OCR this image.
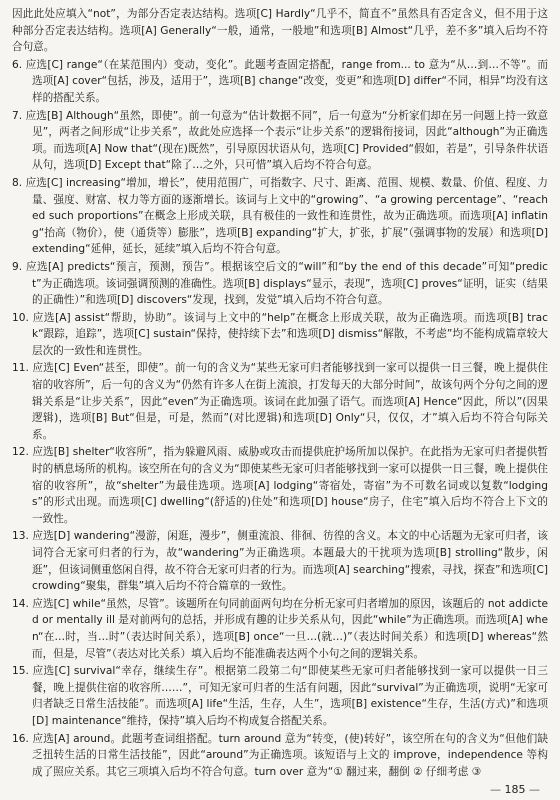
因此此处应填入“not”，为部分否定表达结构。选项[C] Hardly“几乎不，简直不”虽然具有否定含义，但不用于这种部分否定表达结构。选项[A] Generally“一般，通常，一般地”和选项[B] Almost“几乎，差不多”填入后均不符合句意。

6. 应选[C] range“（在某范围内）变动，变化”。此题考查固定搭配，range from... to 意为“从…到…不等”。而选项[A] cover“包括，涉及，适用于”，选项[B] change“改变，变更”和选项[D] differ“不同，相异”均没有这样的搭配关系。

7. 应选[B] Although“虽然，即使”。前一句意为“估计数据不同”，后一句意为“分析家们却在另一问题上持一致意见”，两者之间形成“让步关系”，故此处应选择一个表示“让步关系”的逻辑衔接词，因此“although”为正确选项。而选项[A] Now that“(现在)既然”，引导原因状语从句，选项[C] Provided“假如，若是”，引导条件状语从句，选项[D] Except that“除了…之外，只可惜”填入后均不符合句意。

8. 应选[C] increasing“增加，增长”，使用范围广，可指数字、尺寸、距离、范围、规模、数量、价值、程度、力量、强度、财富、权力等方面的逐渐增长。该词与上文中的“growing”、“a growing percentage”、“reached such proportions”在概念上形成关联，具有极佳的一致性和连贯性，故为正确选项。而选项[A] inflating“抬高（物价），使（通货等）膨胀”，选项[B] expanding“扩大，扩张，扩展”（强调事物的发展）和选项[D] extending“延伸，延长，延续”填入后均不符合句意。

9. 应选[A] predicts“预言，预测，预告”。根据该空后文的“will”和“by the end of this decade”可知“predict”为正确选项。该词强调预测的准确性。选项[B] displays“显示，表现”，选项[C] proves“证明，证实（结果的正确性）”和选项[D] discovers“发现，找到，发觉”填入后均不符合句意。

10. 应选[A] assist“帮助，协助”。该词与上文中的“help”在概念上形成关联，故为正确选项。而选项[B] track“跟踪，追踪”，选项[C] sustain“保持，使持续下去”和选项[D] dismiss“解散，不考虑”均不能构成篇章较大层次的一致性和连贯性。

11. 应选[C] Even“甚至，即使”。前一句的含义为“某些无家可归者能够找到一家可以提供一日三餐，晚上提供住宿的收容所”，后一句的含义为“仍然有许多人在街上流浪，打发每天的大部分时间”，故该句两个分句之间的逻辑关系是“让步关系”，因此“even”为正确选项。该词在此加强了语气。而选项[A] Hence“因此，所以”(因果逻辑)，选项[B] But“但是，可是，然而”(对比逻辑)和选项[D] Only“只，仅仅，才”填入后均不符合句际关系。

12. 应选[B] shelter“收容所”，指为躲避风雨、威胁或攻击而提供庇护场所加以保护。在此指为无家可归者提供暂时的栖息场所的机构。该空所在句的含义为“即使某些无家可归者能够找到一家可以提供一日三餐，晚上提供住宿的收容所”，故“shelter”为最佳选项。选项[A] lodging“寄宿处，寄宿”为不可数名词或以复数“lodgings”的形式出现。而选项[C] dwelling“(舒适的)住处”和选项[D] house“房子，住宅”填入后均不符合上下文的一致性。

13. 应选[D] wandering“漫游，闲逛，漫步”，侧重流浪、徘徊、彷徨的含义。本文的中心话题为无家可归者，该词符合无家可归者的行为，故“wandering”为正确选项。本题最大的干扰项为选项[B] strolling“散步，闲逛”，但该词侧重悠闲自得，故不符合无家可归者的行为。而选项[A] searching“搜索，寻找，探查”和选项[C] crowding“聚集，群集”填入后均不符合篇章的一致性。

14. 应选[C] while“虽然，尽管”。该题所在句同前面两句均在分析无家可归者增加的原因，该题后的 not addicted or mentally ill 是对前两句的总括，并形成有趣的让步关系从句，因此“while”为正确选项。而选项[A] when“在…时，当…时”（表达时间关系），选项[B] once“一旦…(就…)”（表达时间关系）和选项[D] whereas“然而，但是，尽管”（表达对比关系）填入后均不能准确表达两个小句之间的逻辑关系。

15. 应选[C] survival“幸存，继续生存”。根据第二段第二句“即使某些无家可归者能够找到一家可以提供一日三餐，晚上提供住宿的收容所……”，可知无家可归者的生活有问题，因此“survival”为正确选项，说明“无家可归者缺乏日常生活技能”。而选项[A] life“生活，生存，人生”，选项[B] existence“生存，生活(方式)”和选项[D] maintenance“维持，保持”填入后均不构成复合搭配关系。

16. 应选[A] around。此题考查词组搭配。turn around 意为“转变，(使)转好”，该空所在句的含义为“但他们缺乏扭转生活的日常生活技能”，因此“around”为正确选项。该短语与上文的 improve，independence 等构成了照应关系。其它三项填入后均不符合句意。turn over 意为“① 翻过来，翻倒 ② 仔细考虑 ③

— 185 —
